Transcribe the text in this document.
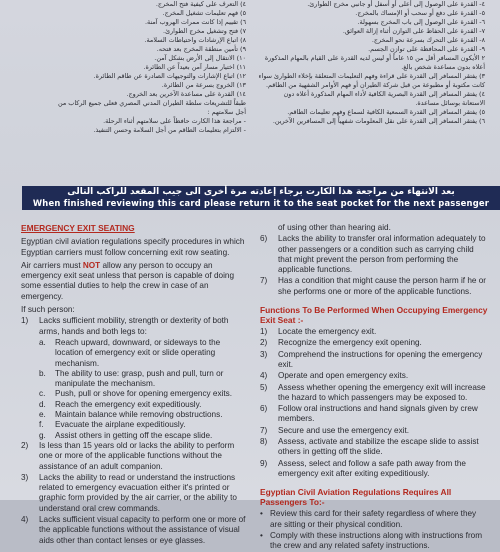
٤) التعرف على كيفية فتح المخرج.
٥) فهم تعليمات تشغيل المخرج.
٦) تقييم إذا كانت ممرات الهروب آمنة.
٧) فتح وتشغيل مخرج الطوارئ.
٨) اتباع الإرشادات واحتياطات السلامة.
٩) تأمين منطقة المخرج بعد فتحه.
١٠) الانتقال إلى الأرض بشكل آمن.
١١) اختيار مسار آمن بعيداً عن الطائرة.
١٢) اتباع الإشارات والتوجيهات الصادرة عن طاقم الطائرة.
١٣) الخروج بسرعة من الطائرة.
١٤) القدرة على مساعدة الآخرين بعد الخروج.
طبقاً للتشريعات سلطة الطيران المدني المصري فعلى جميع الركاب من
أجل سلامتهم :
- مراجعة هذا الكارت حافظاً على سلامتهم أثناء الرحلة.
- الالتزام بتعليمات الطاقم من أجل السلامة وحسن التنفيذ.
٤- القدرة على الوصول إلى أعلى أو أسفل أو جانبي مخرج الطوارئ.
٥- القدرة على دفع أو سحب أو الإمساك بالمخرج.
٦- القدرة على الوصول إلى باب المخرج بسهولة.
٧- القدرة على الحفاظ على التوازن أثناء إزالة العوائق.
٨- القدرة على التحرك بسرعة نحو المخرج.
٩- القدرة على المحافظة على توازن الجسم.
٢ الأيكون المسافر أقل من ١٥ عاماً أو ليس لديه القدرة على القيام بالمهام المذكورة
أعلاه بدون مساعدة شخص بالغ.
٣) يفتقر المسافر إلى القدرة على قراءة وفهم التعليمات المتعلقة بإخلاء الطوارئ سواء
كانت مكتوبة أو مطبوعة من قبل شركة الطيران أو فهم الأوامر الشفهية من الطاقم.
٤) يفتقر المسافر إلى القدرة البصرية الكافية لأداء المهام المذكورة أعلاه دون
الاستعانة بوسائل مساعدة.
٥) يفتقر المسافر إلى القدرة السمعية الكافية لسماع وفهم تعليمات الطاقم.
٦) يفتقر المسافر إلى القدرة على نقل المعلومات شفهياً إلى المسافرين الآخرين.
بعد الانتهاء من مراجعة هذا الكارت برجاء إعادته مرة أخرى الى جيب المقعد للراكب التالى
When finished reviewing this card please return it to the seat pocket for the next passenger
EMERGENCY EXIT SEATING
Egyptian civil aviation regulations specify procedures in which Egyptian carriers must follow concerning exit row seating.
Air carriers must NOT allow any person to occupy an emergency exit seat unless that person is capable of doing some essential duties to help the crew in case of an emergency.
If such person:
1)	Lacks sufficient mobility, strength or dexterity of both arms, hands and both legs to:
a.	Reach upward, downward, or sideways to the location of emergency exit or slide operating mechanism.
b.	The ability to use: grasp, push and pull, turn or manipulate the mechanism.
c.	Push, pull or shove for opening emergency exits.
d.	Reach the emergency exit expeditiously.
e.	Maintain balance while removing obstructions.
f.	Evacuate the airplane expeditiously.
g.	Assist others in getting off the escape slide.
2)	Is less than 15 years old or lacks the ability to perform one or more of the applicable functions without the assistance of an adult companion.
3)	Lacks the ability to read or understand the instructions related to emergency evacuation either it's printed or graphic form provided by the air carrier, or the ability to understand oral crew commands.
4)	Lacks sufficient visual capacity to perform one or more of the applicable functions without the assistance of visual aids other than contact lenses or eye glasses.
of using other than hearing aid.
6)	Lacks the ability to transfer oral information adequately to other passengers or a condition such as carrying child that might prevent the person from performing the applicable functions.
7)	Has a condition that might cause the person harm if he or she performs one or more of the applicable functions.
Functions To Be Performed When Occupying Emergency Exit Seat :-
1)	Locate the emergency exit.
2)	Recognize the emergency exit opening.
3)	Comprehend the instructions for opening the emergency exit.
4)	Operate and open emergency exits.
5)	Assess whether opening the emergency exit will increase the hazard to which passengers may be exposed to.
6)	Follow oral instructions and hand signals given by crew members.
7)	Secure and use the emergency exit.
8)	Assess, activate and stabilize the escape slide to assist others in getting off the slide.
9)	Assess, select and follow a safe path away from the emergency exit after exiting expeditiously.
Egyptian Civil Aviation Regulations Requires All Passengers To:-
• Review this card for their safety regardless of where they are sitting or their physical condition.
• Comply with these instructions along with instructions from the crew and any related safety instructions.
